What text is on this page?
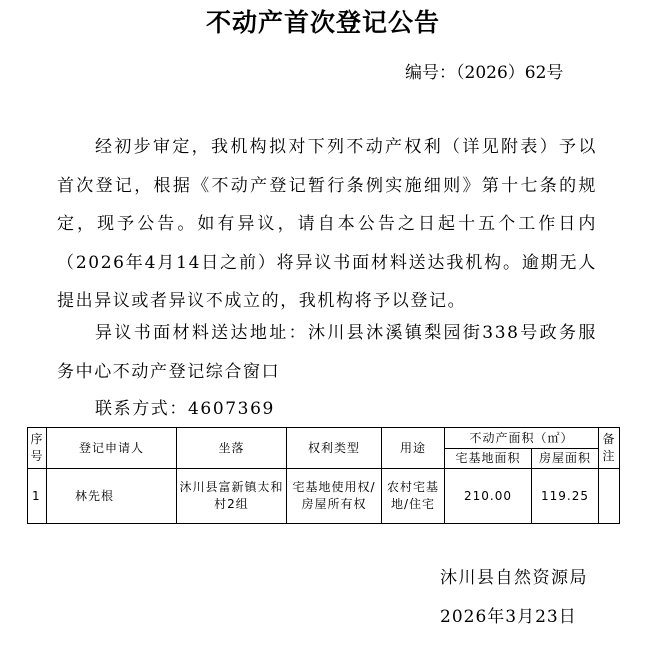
不动产首次登记公告
编号：（2026）62号
经初步审定，我机构拟对下列不动产权利（详见附表）予以首次登记，根据《不动产登记暂行条例实施细则》第十七条的规定，现予公告。如有异议，请自本公告之日起十五个工作日内（2026年4月14日之前）将异议书面材料送达我机构。逾期无人提出异议或者异议不成立的，我机构将予以登记。
异议书面材料送达地址：沐川县沐溪镇梨园街338号政务服务中心不动产登记综合窗口
联系方式：4607369
序号	登记申请人	坐落	权利类型	用途	不动产面积（㎡）		备注
					宅基地面积	房屋面积	
1	林先根	沐川县富新镇太和村2组	宅基地使用权/房屋所有权	农村宅基地/住宅	210.00	119.25	
沐川县自然资源局
2026年3月23日
